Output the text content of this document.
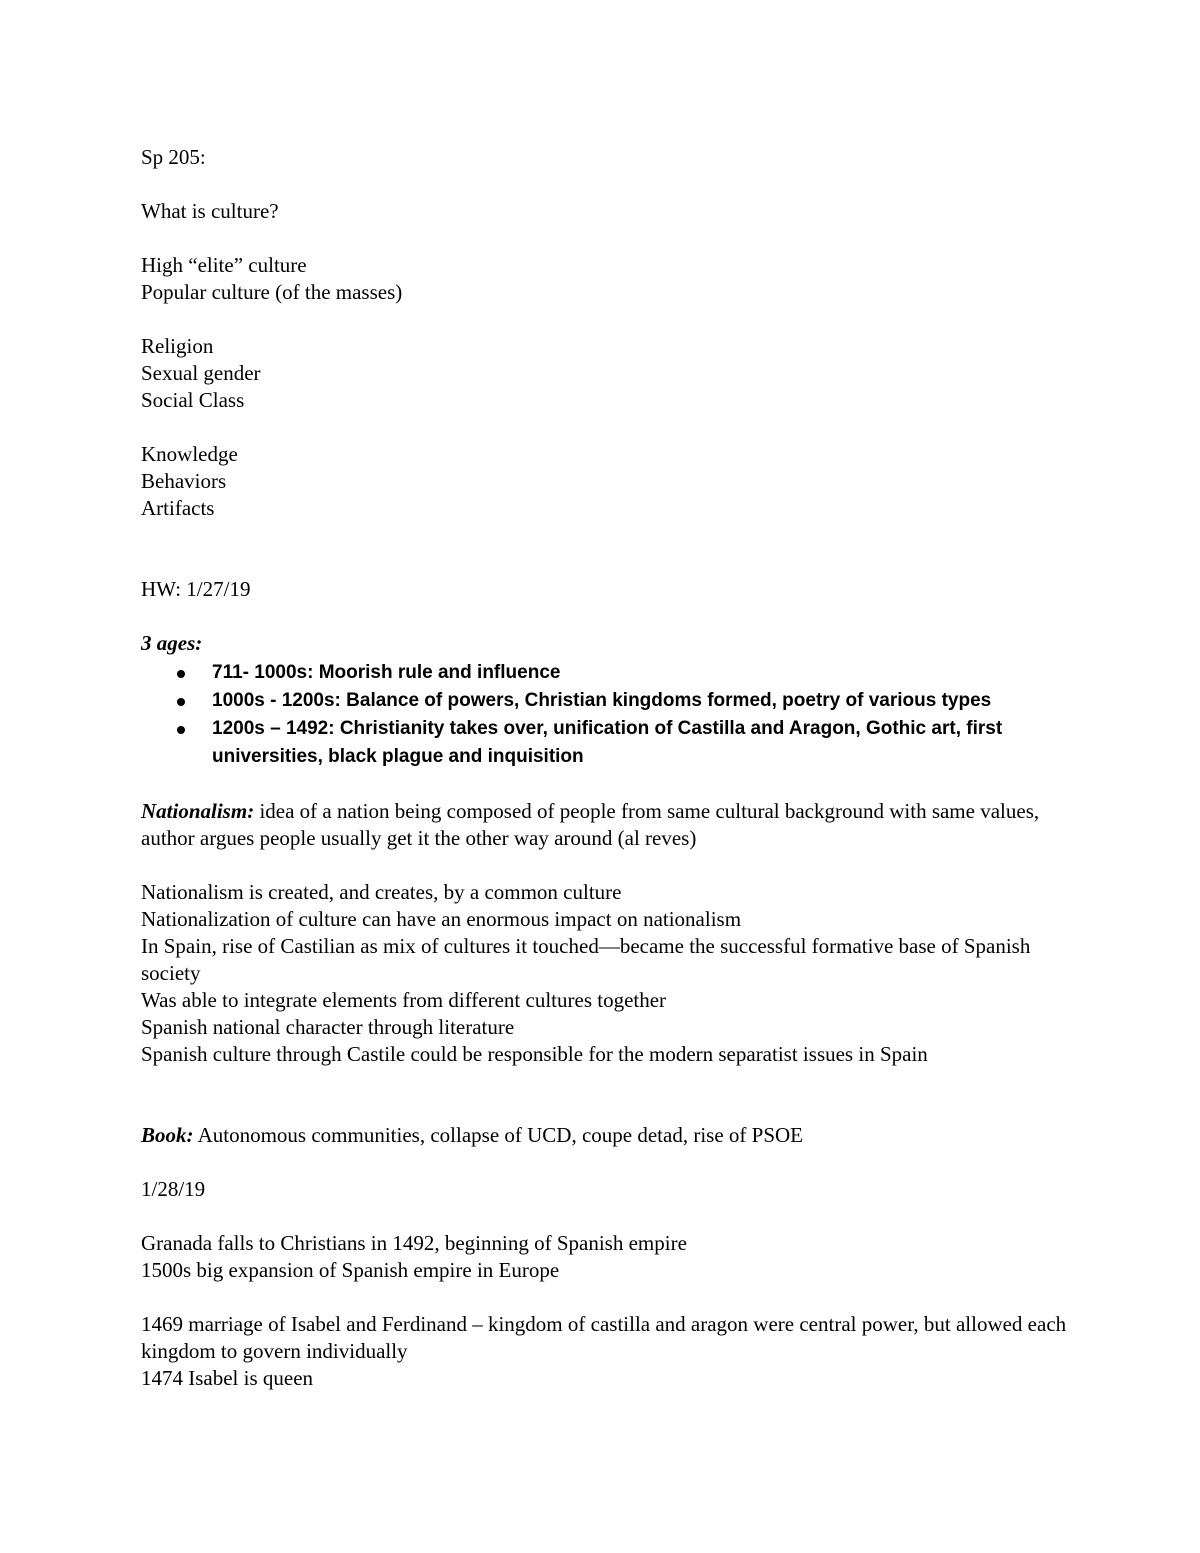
Sp 205:

What is culture?

High “elite” culture

Popular culture (of the masses)

Religion

Sexual gender

Social Class

Knowledge

Behaviors

Artifacts

HW: 1/27/19

3 ages:

711- 1000s: Moorish rule and influence
1000s - 1200s: Balance of powers, Christian kingdoms formed, poetry of various types
1200s – 1492: Christianity takes over, unification of Castilla and Aragon, Gothic art, first universities, black plague and inquisition

Nationalism: idea of a nation being composed of people from same cultural background with same values, author argues people usually get it the other way around (al reves)

Nationalism is created, and creates, by a common culture

Nationalization of culture can have an enormous impact on nationalism

In Spain, rise of Castilian as mix of cultures it touched—became the successful formative base of Spanish society

Was able to integrate elements from different cultures together

Spanish national character through literature

Spanish culture through Castile could be responsible for the modern separatist issues in Spain

Book: Autonomous communities, collapse of UCD, coupe detad, rise of PSOE

1/28/19

Granada falls to Christians in 1492, beginning of Spanish empire

1500s big expansion of Spanish empire in Europe

1469 marriage of Isabel and Ferdinand – kingdom of castilla and aragon were central power, but allowed each kingdom to govern individually

1474 Isabel is queen
